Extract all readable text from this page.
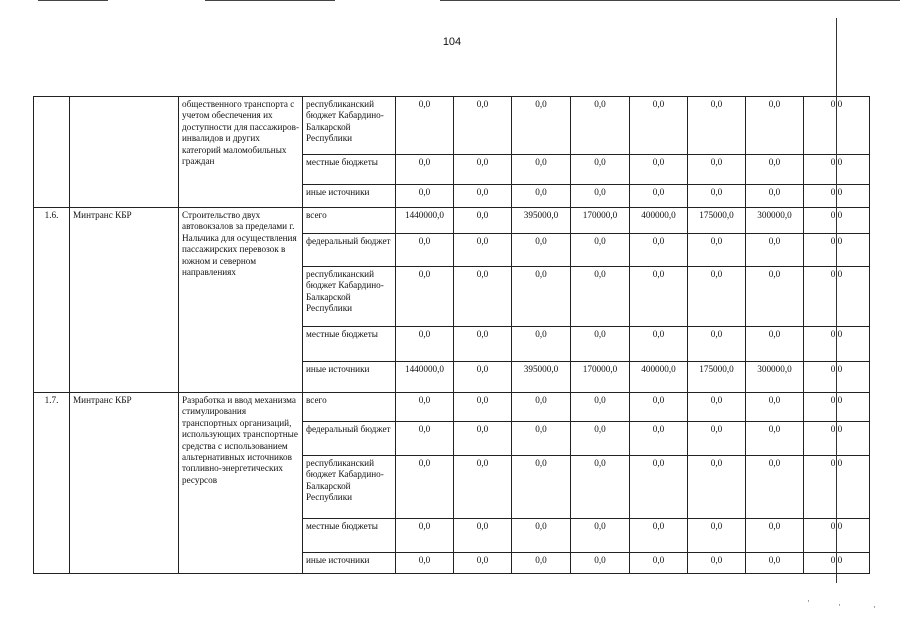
104
		общественного транспорта с учетом обеспечения их доступности для пассажиров-инвалидов и других категорий маломобильных граждан	республиканский бюджет Кабардино-Балкарской Республики	0,0	0,0	0,0	0,0	0,0	0,0	0,0	0,0
			местные бюджеты	0,0	0,0	0,0	0,0	0,0	0,0	0,0	0,0
			иные источники	0,0	0,0	0,0	0,0	0,0	0,0	0,0	0,0
1.6.	Минтранс КБР	Строительство двух автовокзалов за пределами г. Нальчика для осуществления пассажирских перевозок в южном и северном направлениях	всего	1440000,0	0,0	395000,0	170000,0	400000,0	175000,0	300000,0	0,0
			федеральный бюджет	0,0	0,0	0,0	0,0	0,0	0,0	0,0	0,0
			республиканский бюджет Кабардино-Балкарской Республики	0,0	0,0	0,0	0,0	0,0	0,0	0,0	0,0
			местные бюджеты	0,0	0,0	0,0	0,0	0,0	0,0	0,0	0,0
			иные источники	1440000,0	0,0	395000,0	170000,0	400000,0	175000,0	300000,0	0,0
1.7.	Минтранс КБР	Разработка и ввод механизма стимулирования транспортных организаций, использующих транспортные средства с использованием альтернативных источников топливно-энергетических ресурсов	всего	0,0	0,0	0,0	0,0	0,0	0,0	0,0	0,0
			федеральный бюджет	0,0	0,0	0,0	0,0	0,0	0,0	0,0	0,0
			республиканский бюджет Кабардино-Балкарской Республики	0,0	0,0	0,0	0,0	0,0	0,0	0,0	0,0
			местные бюджеты	0,0	0,0	0,0	0,0	0,0	0,0	0,0	0,0
			иные источники	0,0	0,0	0,0	0,0	0,0	0,0	0,0	0,0
·	·	·
